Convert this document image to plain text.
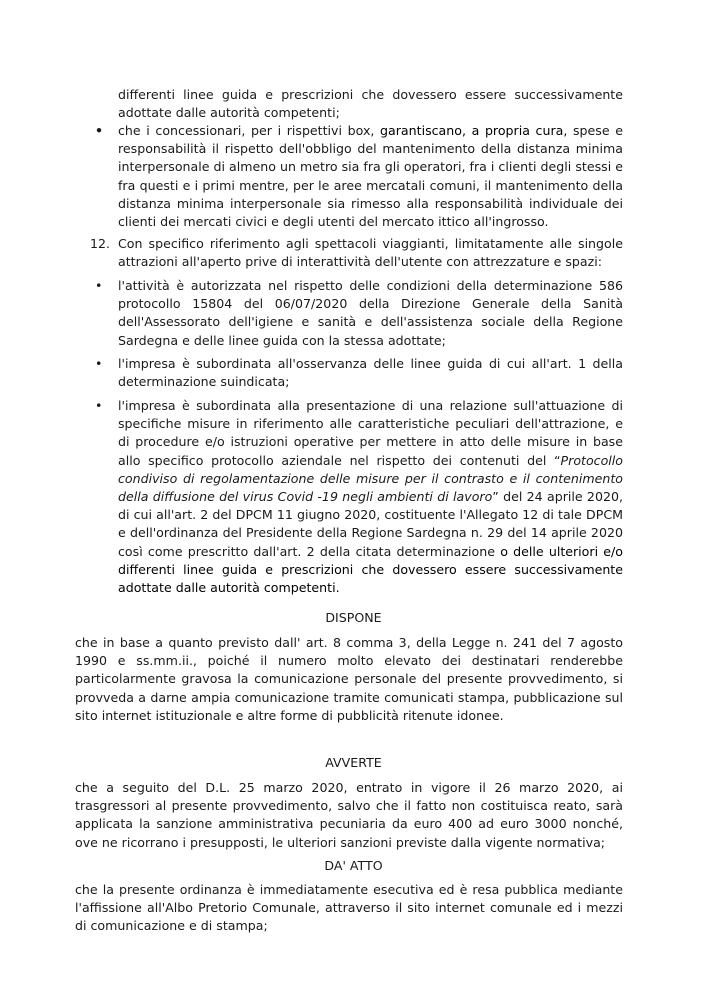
differenti linee guida e prescrizioni che dovessero essere successivamente adottate dalle autorità competenti;
• che i concessionari, per i rispettivi box, garantiscano, a propria cura, spese e responsabilità il rispetto dell'obbligo del mantenimento della distanza minima interpersonale di almeno un metro sia fra gli operatori, fra i clienti degli stessi e fra questi e i primi mentre, per le aree mercatali comuni, il mantenimento della distanza minima interpersonale sia rimesso alla responsabilità individuale dei clienti dei mercati civici e degli utenti del mercato ittico all'ingrosso.
12. Con specifico riferimento agli spettacoli viaggianti, limitatamente alle singole attrazioni all'aperto prive di interattività dell'utente con attrezzature e spazi:
• l'attività è autorizzata nel rispetto delle condizioni della determinazione 586 protocollo 15804 del 06/07/2020 della Direzione Generale della Sanità dell'Assessorato dell'igiene e sanità e dell'assistenza sociale della Regione Sardegna e delle linee guida con la stessa adottate;
• l'impresa è subordinata all'osservanza delle linee guida di cui all'art. 1 della determinazione suindicata;
• l'impresa è subordinata alla presentazione di una relazione sull'attuazione di specifiche misure in riferimento alle caratteristiche peculiari dell'attrazione, e di procedure e/o istruzioni operative per mettere in atto delle misure in base allo specifico protocollo aziendale nel rispetto dei contenuti del “Protocollo condiviso di regolamentazione delle misure per il contrasto e il contenimento della diffusione del virus Covid -19 negli ambienti di lavoro” del 24 aprile 2020, di cui all'art. 2 del DPCM 11 giugno 2020, costituente l'Allegato 12 di tale DPCM e dell'ordinanza del Presidente della Regione Sardegna n. 29 del 14 aprile 2020 così come prescritto dall'art. 2 della citata determinazione o delle ulteriori e/o differenti linee guida e prescrizioni che dovessero essere successivamente adottate dalle autorità competenti.
DISPONE
che in base a quanto previsto dall' art. 8 comma 3, della Legge n. 241 del 7 agosto 1990 e ss.mm.ii., poiché il numero molto elevato dei destinatari renderebbe particolarmente gravosa la comunicazione personale del presente provvedimento, si provveda a darne ampia comunicazione tramite comunicati stampa, pubblicazione sul sito internet istituzionale e altre forme di pubblicità ritenute idonee.
AVVERTE
che a seguito del D.L. 25 marzo 2020, entrato in vigore il 26 marzo 2020, ai trasgressori al presente provvedimento, salvo che il fatto non costituisca reato, sarà applicata la sanzione amministrativa pecuniaria da euro 400 ad euro 3000 nonché, ove ne ricorrano i presupposti, le ulteriori sanzioni previste dalla vigente normativa;
DA' ATTO
che la presente ordinanza è immediatamente esecutiva ed è resa pubblica mediante l'affissione all'Albo Pretorio Comunale, attraverso il sito internet comunale ed i mezzi di comunicazione e di stampa;
